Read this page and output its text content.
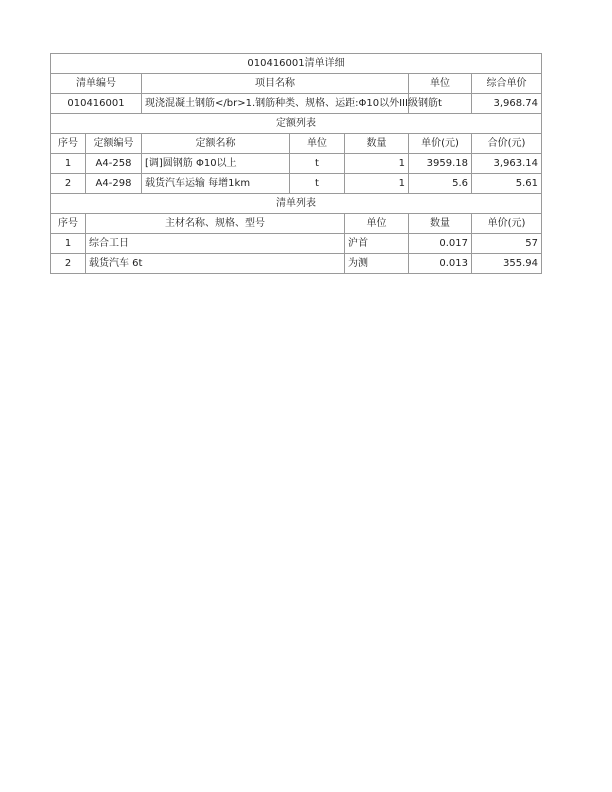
010416001清单详细							
清单编号		项目名称			单位	综合单价	
010416001		现浇混凝土钢筋</br>1.钢筋种类、规格、运距:Φ10以外III级钢筋			t	3,968.74	
定额列表							
序号	定额编号	定额名称	单位	数量	单价(元)	合价(元)	
1	A4-258	[调]圆钢筋 Φ10以上	t	1	3959.18	3,963.14	
2	A4-298	载货汽车运输 每增1km	t	1	5.6	5.61	
清单列表							
序号	主材名称、规格、型号			单位	数量	单价(元)	
1	综合工日			沪首	0.017	57	
2	载货汽车 6t			为测	0.013	355.94	
